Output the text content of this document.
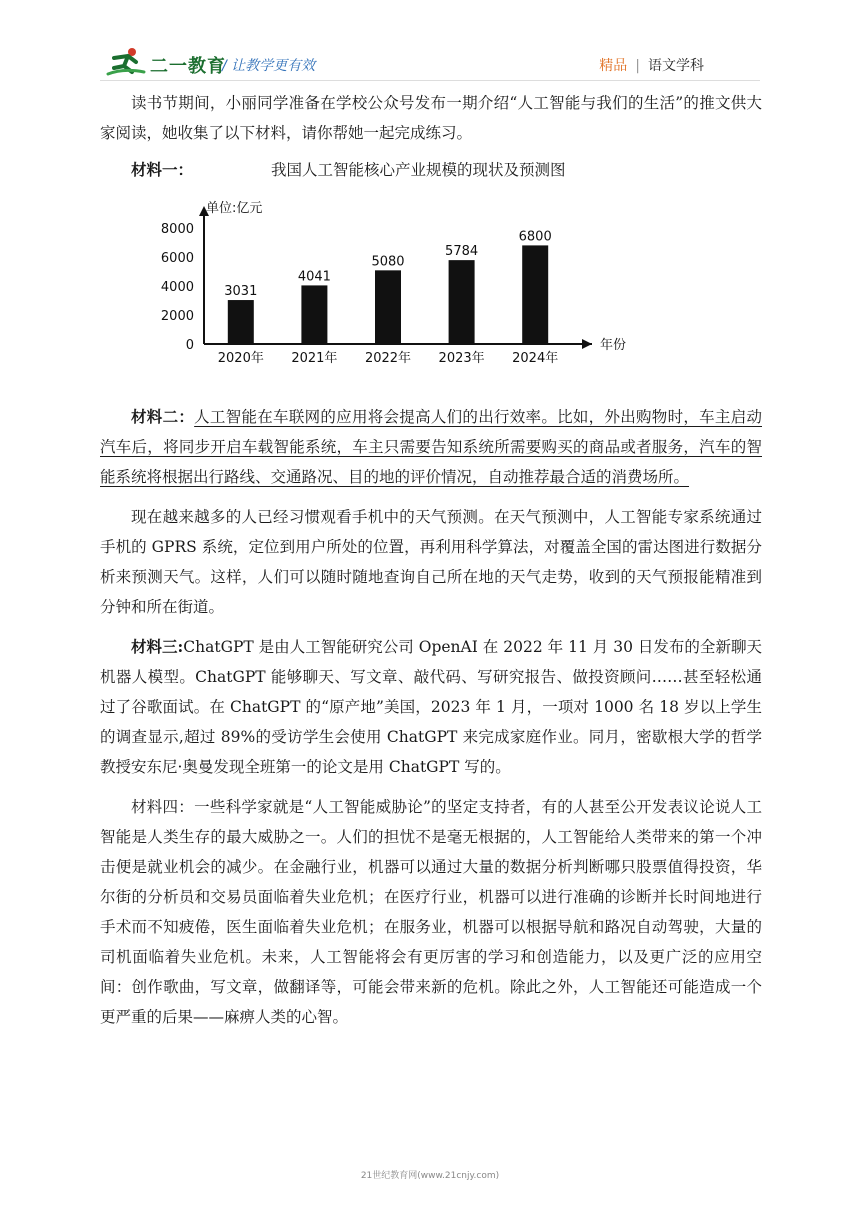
二一教育
/ 让教学更有效	精品 | 语文学科

读书节期间，小丽同学准备在学校公众号发布一期介绍“人工智能与我们的生活”的推文供大家阅读，她收集了以下材料，请你帮她一起完成练习。

材料一：	我国人工智能核心产业规模的现状及预测图
单位:亿元
年份
0
2000
4000
6000
8000
3031
2020年
4041
2021年
5080
2022年
5784
2023年
6800
2024年

材料二：人工智能在车联网的应用将会提高人们的出行效率。比如，外出购物时，车主启动汽车后，将同步开启车载智能系统，车主只需要告知系统所需要购买的商品或者服务，汽车的智能系统将根据出行路线、交通路况、目的地的评价情况，自动推荐最合适的消费场所。

现在越来越多的人已经习惯观看手机中的天气预测。在天气预测中，人工智能专家系统通过手机的 GPRS 系统，定位到用户所处的位置，再利用科学算法，对覆盖全国的雷达图进行数据分析来预测天气。这样，人们可以随时随地查询自己所在地的天气走势，收到的天气预报能精准到分钟和所在街道。

材料三:ChatGPT 是由人工智能研究公司 OpenAI 在 2022 年 11 月 30 日发布的全新聊天机器人模型。ChatGPT 能够聊天、写文章、敲代码、写研究报告、做投资顾问……甚至轻松通过了谷歌面试。在 ChatGPT 的“原产地”美国，2023 年 1 月，一项对 1000 名 18 岁以上学生的调查显示,超过 89%的受访学生会使用 ChatGPT 来完成家庭作业。同月，密歇根大学的哲学教授安东尼·奥曼发现全班第一的论文是用 ChatGPT 写的。

材料四：一些科学家就是“人工智能威胁论”的坚定支持者，有的人甚至公开发表议论说人工智能是人类生存的最大威胁之一。人们的担忧不是毫无根据的，人工智能给人类带来的第一个冲击便是就业机会的减少。在金融行业，机器可以通过大量的数据分析判断哪只股票值得投资，华尔街的分析员和交易员面临着失业危机；在医疗行业，机器可以进行准确的诊断并长时间地进行手术而不知疲倦，医生面临着失业危机；在服务业，机器可以根据导航和路况自动驾驶，大量的司机面临着失业危机。未来，人工智能将会有更厉害的学习和创造能力，以及更广泛的应用空间：创作歌曲，写文章，做翻译等，可能会带来新的危机。除此之外，人工智能还可能造成一个更严重的后果——麻痹人类的心智。

21世纪教育网(www.21cnjy.com)
